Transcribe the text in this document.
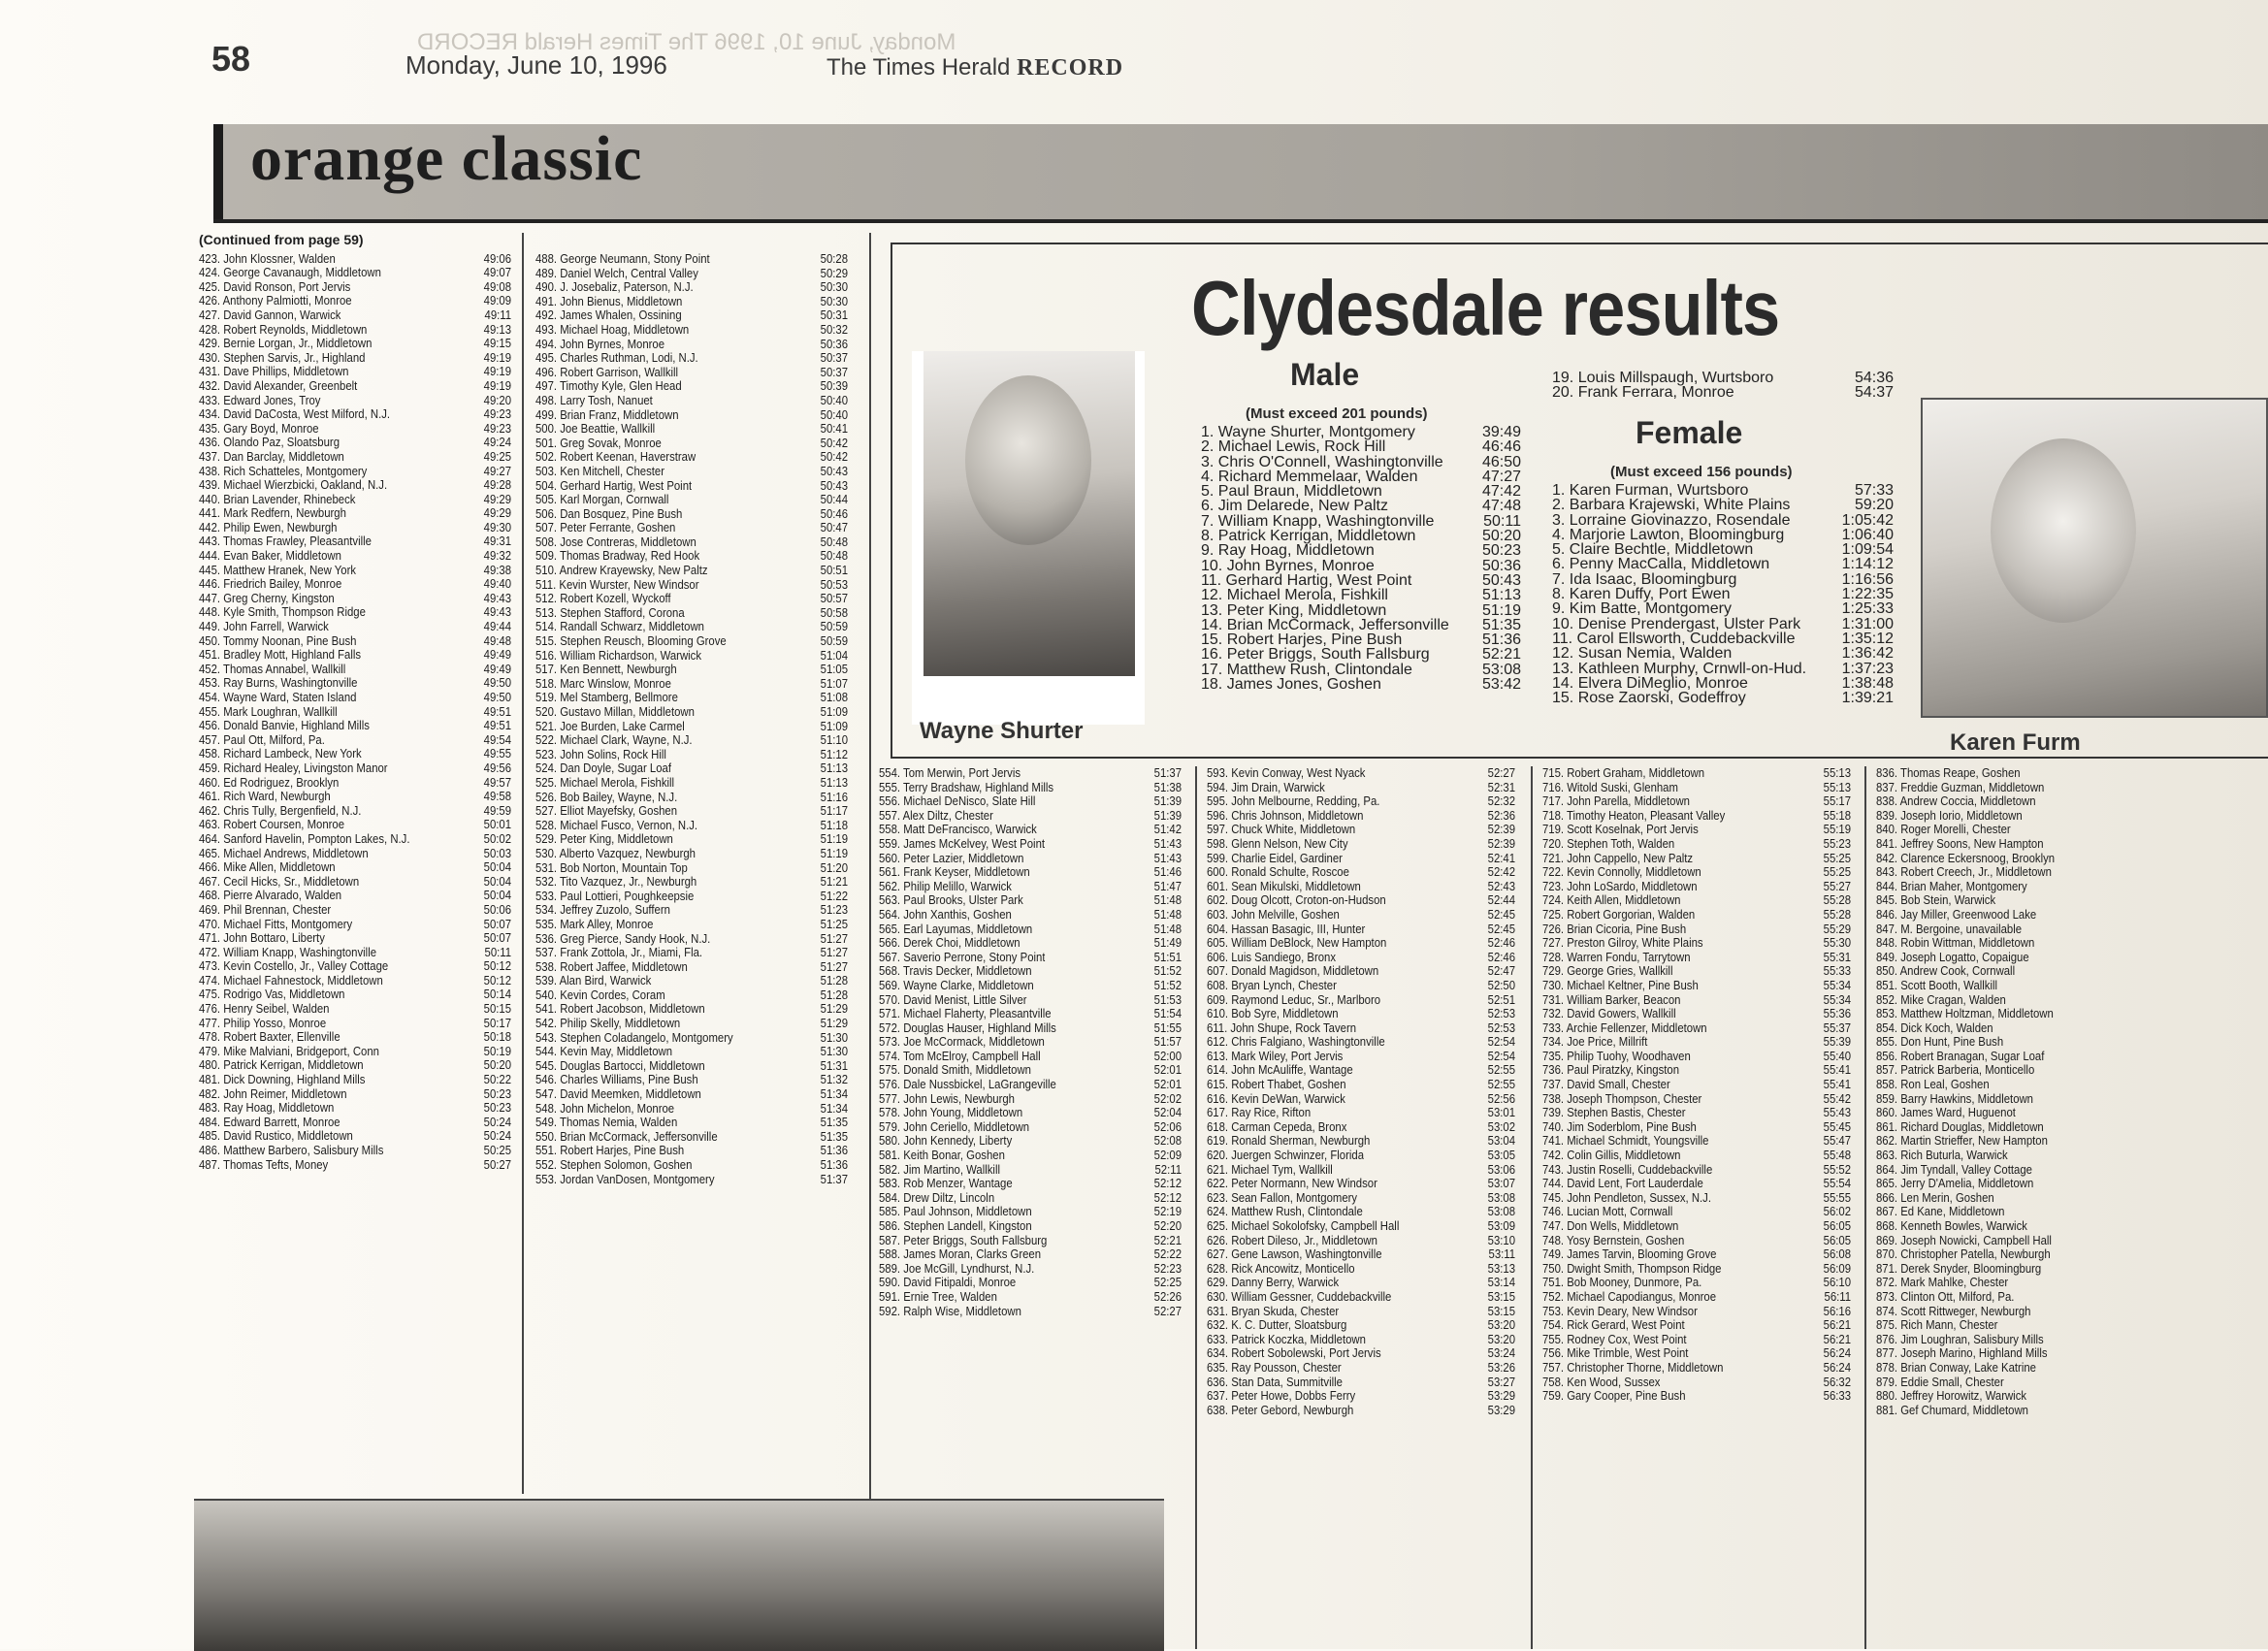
Monday, June 10, 1996 The Times Herald RECORD
58	Monday, June 10, 1996	The Times Herald RECORD
orange classic
(Continued from page 59)
423. John Klossner, Walden	49:06
424. George Cavanaugh, Middletown	49:07
425. David Ronson, Port Jervis	49:08
426. Anthony Palmiotti, Monroe	49:09
427. David Gannon, Warwick	49:11
428. Robert Reynolds, Middletown	49:13
429. Bernie Lorgan, Jr., Middletown	49:15
430. Stephen Sarvis, Jr., Highland	49:19
431. Dave Phillips, Middletown	49:19
432. David Alexander, Greenbelt	49:19
433. Edward Jones, Troy	49:20
434. David DaCosta, West Milford, N.J.	49:23
435. Gary Boyd, Monroe	49:23
436. Olando Paz, Sloatsburg	49:24
437. Dan Barclay, Middletown	49:25
438. Rich Schatteles, Montgomery	49:27
439. Michael Wierzbicki, Oakland, N.J.	49:28
440. Brian Lavender, Rhinebeck	49:29
441. Mark Redfern, Newburgh	49:29
442. Philip Ewen, Newburgh	49:30
443. Thomas Frawley, Pleasantville	49:31
444. Evan Baker, Middletown	49:32
445. Matthew Hranek, New York	49:38
446. Friedrich Bailey, Monroe	49:40
447. Greg Cherny, Kingston	49:43
448. Kyle Smith, Thompson Ridge	49:43
449. John Farrell, Warwick	49:44
450. Tommy Noonan, Pine Bush	49:48
451. Bradley Mott, Highland Falls	49:49
452. Thomas Annabel, Wallkill	49:49
453. Ray Burns, Washingtonville	49:50
454. Wayne Ward, Staten Island	49:50
455. Mark Loughran, Wallkill	49:51
456. Donald Banvie, Highland Mills	49:51
457. Paul Ott, Milford, Pa.	49:54
458. Richard Lambeck, New York	49:55
459. Richard Healey, Livingston Manor	49:56
460. Ed Rodriguez, Brooklyn	49:57
461. Rich Ward, Newburgh	49:58
462. Chris Tully, Bergenfield, N.J.	49:59
463. Robert Coursen, Monroe	50:01
464. Sanford Havelin, Pompton Lakes, N.J.	50:02
465. Michael Andrews, Middletown	50:03
466. Mike Allen, Middletown	50:04
467. Cecil Hicks, Sr., Middletown	50:04
468. Pierre Alvarado, Walden	50:04
469. Phil Brennan, Chester	50:06
470. Michael Fitts, Montgomery	50:07
471. John Bottaro, Liberty	50:07
472. William Knapp, Washingtonville	50:11
473. Kevin Costello, Jr., Valley Cottage	50:12
474. Michael Fahnestock, Middletown	50:12
475. Rodrigo Vas, Middletown	50:14
476. Henry Seibel, Walden	50:15
477. Philip Yosso, Monroe	50:17
478. Robert Baxter, Ellenville	50:18
479. Mike Malviani, Bridgeport, Conn	50:19
480. Patrick Kerrigan, Middletown	50:20
481. Dick Downing, Highland Mills	50:22
482. John Reimer, Middletown	50:23
483. Ray Hoag, Middletown	50:23
484. Edward Barrett, Monroe	50:24
485. David Rustico, Middletown	50:24
486. Matthew Barbero, Salisbury Mills	50:25
487. Thomas Tefts, Money	50:27
488. George Neumann, Stony Point	50:28
489. Daniel Welch, Central Valley	50:29
490. J. Josebaliz, Paterson, N.J.	50:30
491. John Bienus, Middletown	50:30
492. James Whalen, Ossining	50:31
493. Michael Hoag, Middletown	50:32
494. John Byrnes, Monroe	50:36
495. Charles Ruthman, Lodi, N.J.	50:37
496. Robert Garrison, Wallkill	50:37
497. Timothy Kyle, Glen Head	50:39
498. Larry Tosh, Nanuet	50:40
499. Brian Franz, Middletown	50:40
500. Joe Beattie, Wallkill	50:41
501. Greg Sovak, Monroe	50:42
502. Robert Keenan, Haverstraw	50:42
503. Ken Mitchell, Chester	50:43
504. Gerhard Hartig, West Point	50:43
505. Karl Morgan, Cornwall	50:44
506. Dan Bosquez, Pine Bush	50:46
507. Peter Ferrante, Goshen	50:47
508. Jose Contreras, Middletown	50:48
509. Thomas Bradway, Red Hook	50:48
510. Andrew Krayewsky, New Paltz	50:51
511. Kevin Wurster, New Windsor	50:53
512. Robert Kozell, Wyckoff	50:57
513. Stephen Stafford, Corona	50:58
514. Randall Schwarz, Middletown	50:59
515. Stephen Reusch, Blooming Grove	50:59
516. William Richardson, Warwick	51:04
517. Ken Bennett, Newburgh	51:05
518. Marc Winslow, Monroe	51:07
519. Mel Stamberg, Bellmore	51:08
520. Gustavo Millan, Middletown	51:09
521. Joe Burden, Lake Carmel	51:09
522. Michael Clark, Wayne, N.J.	51:10
523. John Solins, Rock Hill	51:12
524. Dan Doyle, Sugar Loaf	51:13
525. Michael Merola, Fishkill	51:13
526. Bob Bailey, Wayne, N.J.	51:16
527. Elliot Mayefsky, Goshen	51:17
528. Michael Fusco, Vernon, N.J.	51:18
529. Peter King, Middletown	51:19
530. Alberto Vazquez, Newburgh	51:19
531. Bob Norton, Mountain Top	51:20
532. Tito Vazquez, Jr., Newburgh	51:21
533. Paul Lottieri, Poughkeepsie	51:22
534. Jeffrey Zuzolo, Suffern	51:23
535. Mark Alley, Monroe	51:25
536. Greg Pierce, Sandy Hook, N.J.	51:27
537. Frank Zottola, Jr., Miami, Fla.	51:27
538. Robert Jaffee, Middletown	51:27
539. Alan Bird, Warwick	51:28
540. Kevin Cordes, Coram	51:28
541. Robert Jacobson, Middletown	51:29
542. Philip Skelly, Middletown	51:29
543. Stephen Coladangelo, Montgomery	51:30
544. Kevin May, Middletown	51:30
545. Douglas Bartocci, Middletown	51:31
546. Charles Williams, Pine Bush	51:32
547. David Meemken, Middletown	51:34
548. John Michelon, Monroe	51:34
549. Thomas Nemia, Walden	51:35
550. Brian McCormack, Jeffersonville	51:35
551. Robert Harjes, Pine Bush	51:36
552. Stephen Solomon, Goshen	51:36
553. Jordan VanDosen, Montgomery	51:37
Wayne Shurter
Clydesdale results
Male
(Must exceed 201 pounds)
1. Wayne Shurter, Montgomery	39:49
2. Michael Lewis, Rock Hill	46:46
3. Chris O'Connell, Washingtonville	46:50
4. Richard Memmelaar, Walden	47:27
5. Paul Braun, Middletown	47:42
6. Jim Delarede, New Paltz	47:48
7. William Knapp, Washingtonville	50:11
8. Patrick Kerrigan, Middletown	50:20
9. Ray Hoag, Middletown	50:23
10. John Byrnes, Monroe	50:36
11. Gerhard Hartig, West Point	50:43
12. Michael Merola, Fishkill	51:13
13. Peter King, Middletown	51:19
14. Brian McCormack, Jeffersonville 51:35
15. Robert Harjes, Pine Bush	51:36
16. Peter Briggs, South Fallsburg	52:21
17. Matthew Rush, Clintondale	53:08
18. James Jones, Goshen	53:42
19. Louis Millspaugh, Wurtsboro	54:36
20. Frank Ferrara, Monroe	54:37
Female
(Must exceed 156 pounds)
1. Karen Furman, Wurtsboro	57:33
2. Barbara Krajewski, White Plains	59:20
3. Lorraine Giovinazzo, Rosendale	1:05:42
4. Marjorie Lawton, Bloomingburg	1:06:40
5. Claire Bechtle, Middletown	1:09:54
6. Penny MacCalla, Middletown	1:14:12
7. Ida Isaac, Bloomingburg	1:16:56
8. Karen Duffy, Port Ewen	1:22:35
9. Kim Batte, Montgomery	1:25:33
10. Denise Prendergast, Ulster Park	1:31:00
11. Carol Ellsworth, Cuddebackville	1:35:12
12. Susan Nemia, Walden	1:36:42
13. Kathleen Murphy, Crnwll-on-Hud. 1:37:23
14. Elvera DiMeglio, Monroe	1:38:48
15. Rose Zaorski, Godeffroy	1:39:21
Karen Furm
554. Tom Merwin, Port Jervis	51:37
555. Terry Bradshaw, Highland Mills	51:38
556. Michael DeNisco, Slate Hill	51:39
557. Alex Diltz, Chester	51:39
558. Matt DeFrancisco, Warwick	51:42
559. James McKelvey, West Point	51:43
560. Peter Lazier, Middletown	51:43
561. Frank Keyser, Middletown	51:46
562. Philip Melillo, Warwick	51:47
563. Paul Brooks, Ulster Park	51:48
564. John Xanthis, Goshen	51:48
565. Earl Layumas, Middletown	51:48
566. Derek Choi, Middletown	51:49
567. Saverio Perrone, Stony Point	51:51
568. Travis Decker, Middletown	51:52
569. Wayne Clarke, Middletown	51:52
570. David Menist, Little Silver	51:53
571. Michael Flaherty, Pleasantville	51:54
572. Douglas Hauser, Highland Mills	51:55
573. Joe McCormack, Middletown	51:57
574. Tom McElroy, Campbell Hall	52:00
575. Donald Smith, Middletown	52:01
576. Dale Nussbickel, LaGrangeville	52:01
577. John Lewis, Newburgh	52:02
578. John Young, Middletown	52:04
579. John Ceriello, Middletown	52:06
580. John Kennedy, Liberty	52:08
581. Keith Bonar, Goshen	52:09
582. Jim Martino, Wallkill	52:11
583. Rob Menzer, Wantage	52:12
584. Drew Diltz, Lincoln	52:12
585. Paul Johnson, Middletown	52:19
586. Stephen Landell, Kingston	52:20
587. Peter Briggs, South Fallsburg	52:21
588. James Moran, Clarks Green	52:22
589. Joe McGill, Lyndhurst, N.J.	52:23
590. David Fitipaldi, Monroe	52:25
591. Ernie Tree, Walden	52:26
592. Ralph Wise, Middletown	52:27
593. Kevin Conway, West Nyack	52:27
594. Jim Drain, Warwick	52:31
595. John Melbourne, Redding, Pa.	52:32
596. Chris Johnson, Middletown	52:36
597. Chuck White, Middletown	52:39
598. Glenn Nelson, New City	52:39
599. Charlie Eidel, Gardiner	52:41
600. Ronald Schulte, Roscoe	52:42
601. Sean Mikulski, Middletown	52:43
602. Doug Olcott, Croton-on-Hudson	52:44
603. John Melville, Goshen	52:45
604. Hassan Basagic, III, Hunter	52:45
605. William DeBlock, New Hampton	52:46
606. Luis Sandiego, Bronx	52:46
607. Donald Magidson, Middletown	52:47
608. Bryan Lynch, Chester	52:50
609. Raymond Leduc, Sr., Marlboro	52:51
610. Bob Syre, Middletown	52:53
611. John Shupe, Rock Tavern	52:53
612. Chris Falgiano, Washingtonville	52:54
613. Mark Wiley, Port Jervis	52:54
614. John McAuliffe, Wantage	52:55
615. Robert Thabet, Goshen	52:55
616. Kevin DeWan, Warwick	52:56
617. Ray Rice, Rifton	53:01
618. Carman Cepeda, Bronx	53:02
619. Ronald Sherman, Newburgh	53:04
620. Juergen Schwinzer, Florida	53:05
621. Michael Tym, Wallkill	53:06
622. Peter Normann, New Windsor	53:07
623. Sean Fallon, Montgomery	53:08
624. Matthew Rush, Clintondale	53:08
625. Michael Sokolofsky, Campbell Hall	53:09
626. Robert Dileso, Jr., Middletown	53:10
627. Gene Lawson, Washingtonville	53:11
628. Rick Ancowitz, Monticello	53:13
629. Danny Berry, Warwick	53:14
630. William Gessner, Cuddebackville	53:15
631. Bryan Skuda, Chester	53:15
632. K. C. Dutter, Sloatsburg	53:20
633. Patrick Koczka, Middletown	53:20
634. Robert Sobolewski, Port Jervis	53:24
635. Ray Pousson, Chester	53:26
636. Stan Data, Summitville	53:27
637. Peter Howe, Dobbs Ferry	53:29
638. Peter Gebord, Newburgh	53:29
715. Robert Graham, Middletown	55:13
716. Witold Suski, Glenham	55:13
717. John Parella, Middletown	55:17
718. Timothy Heaton, Pleasant Valley	55:18
719. Scott Koselnak, Port Jervis	55:19
720. Stephen Toth, Walden	55:23
721. John Cappello, New Paltz	55:25
722. Kevin Connolly, Middletown	55:25
723. John LoSardo, Middletown	55:27
724. Keith Allen, Middletown	55:28
725. Robert Gorgorian, Walden	55:28
726. Brian Cicoria, Pine Bush	55:29
727. Preston Gilroy, White Plains	55:30
728. Warren Fondu, Tarrytown	55:31
729. George Gries, Wallkill	55:33
730. Michael Keltner, Pine Bush	55:34
731. William Barker, Beacon	55:34
732. David Gowers, Wallkill	55:36
733. Archie Fellenzer, Middletown	55:37
734. Joe Price, Millrift	55:39
735. Philip Tuohy, Woodhaven	55:40
736. Paul Piratzky, Kingston	55:41
737. David Small, Chester	55:41
738. Joseph Thompson, Chester	55:42
739. Stephen Bastis, Chester	55:43
740. Jim Soderblom, Pine Bush	55:45
741. Michael Schmidt, Youngsville	55:47
742. Colin Gillis, Middletown	55:48
743. Justin Roselli, Cuddebackville	55:52
744. David Lent, Fort Lauderdale	55:54
745. John Pendleton, Sussex, N.J.	55:55
746. Lucian Mott, Cornwall	56:02
747. Don Wells, Middletown	56:05
748. Yosy Bernstein, Goshen	56:05
749. James Tarvin, Blooming Grove	56:08
750. Dwight Smith, Thompson Ridge	56:09
751. Bob Mooney, Dunmore, Pa.	56:10
752. Michael Capodiangus, Monroe	56:11
753. Kevin Deary, New Windsor	56:16
754. Rick Gerard, West Point	56:21
755. Rodney Cox, West Point	56:21
756. Mike Trimble, West Point	56:24
757. Christopher Thorne, Middletown	56:24
758. Ken Wood, Sussex	56:32
759. Gary Cooper, Pine Bush	56:33
836. Thomas Reape, Goshen
837. Freddie Guzman, Middletown
838. Andrew Coccia, Middletown
839. Joseph Iorio, Middletown
840. Roger Morelli, Chester
841. Jeffrey Soons, New Hampton
842. Clarence Eckersnoog, Brooklyn
843. Robert Creech, Jr., Middletown
844. Brian Maher, Montgomery
845. Bob Stein, Warwick
846. Jay Miller, Greenwood Lake
847. M. Bergoine, unavailable
848. Robin Wittman, Middletown
849. Joseph Logatto, Copaigue
850. Andrew Cook, Cornwall
851. Scott Booth, Wallkill
852. Mike Cragan, Walden
853. Matthew Holtzman, Middletown
854. Dick Koch, Walden
855. Don Hunt, Pine Bush
856. Robert Branagan, Sugar Loaf
857. Patrick Barberia, Monticello
858. Ron Leal, Goshen
859. Barry Hawkins, Middletown
860. James Ward, Huguenot
861. Richard Douglas, Middletown
862. Martin Strieffer, New Hampton
863. Rich Buturla, Warwick
864. Jim Tyndall, Valley Cottage
865. Jerry D'Amelia, Middletown
866. Len Merin, Goshen
867. Ed Kane, Middletown
868. Kenneth Bowles, Warwick
869. Joseph Nowicki, Campbell Hall
870. Christopher Patella, Newburgh
871. Derek Snyder, Bloomingburg
872. Mark Mahlke, Chester
873. Clinton Ott, Milford, Pa.
874. Scott Rittweger, Newburgh
875. Rich Mann, Chester
876. Jim Loughran, Salisbury Mills
877. Joseph Marino, Highland Mills
878. Brian Conway, Lake Katrine
879. Eddie Small, Chester
880. Jeffrey Horowitz, Warwick
881. Gef Chumard, Middletown
